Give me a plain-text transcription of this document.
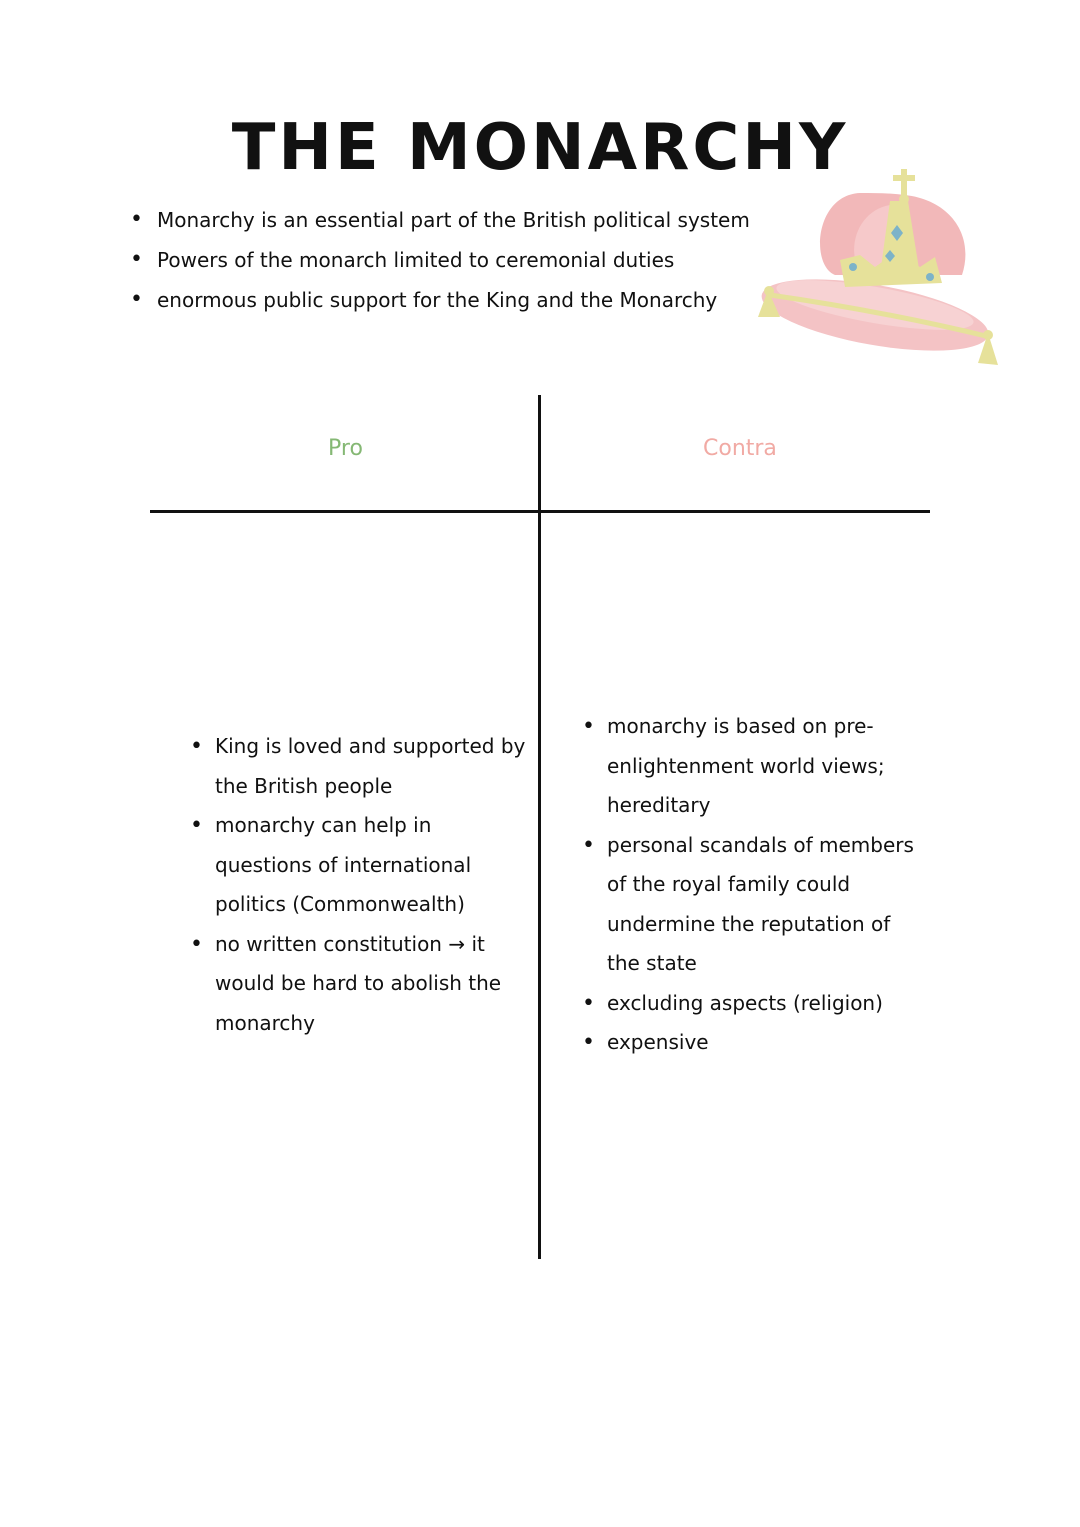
THE MONARCHY
• Monarchy is an essential part of the British political system
• Powers of the monarch limited to ceremonial duties
• enormous public support for the King and the Monarchy
Pro	Contra
• King is loved and supported by the British people
• monarchy can help in questions of international politics (Commonwealth)
• no written constitution → it would be hard to abolish the monarchy
• monarchy is based on pre-enlightenment world views; hereditary
• personal scandals of members of the royal family could undermine the reputation of the state
• excluding aspects (religion)
• expensive
